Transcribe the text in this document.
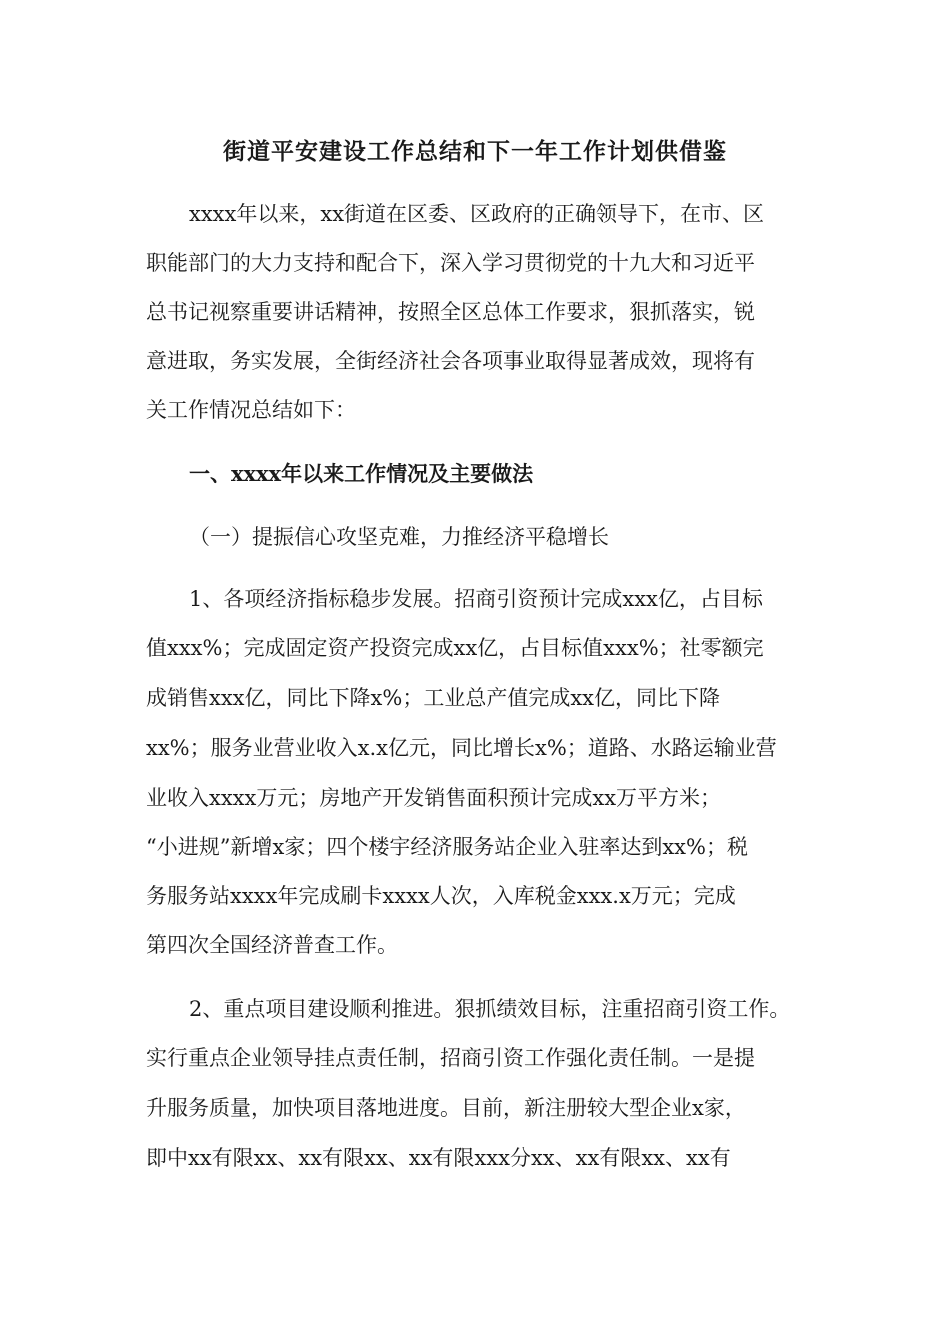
街道平安建设工作总结和下一年工作计划供借鉴

xxxx年以来，xx街道在区委、区政府的正确领导下，在市、区

职能部门的大力支持和配合下，深入学习贯彻党的十九大和习近平

总书记视察重要讲话精神，按照全区总体工作要求，狠抓落实，锐

意进取，务实发展，全街经济社会各项事业取得显著成效，现将有

关工作情况总结如下：

一、xxxx年以来工作情况及主要做法

（一）提振信心攻坚克难，力推经济平稳增长

1、各项经济指标稳步发展。招商引资预计完成xxx亿，占目标

值xxx%；完成固定资产投资完成xx亿，占目标值xxx%；社零额完

成销售xxx亿，同比下降x%；工业总产值完成xx亿，同比下降

xx%；服务业营业收入x.x亿元，同比增长x%；道路、水路运输业营

业收入xxxx万元；房地产开发销售面积预计完成xx万平方米；

“小进规”新增x家；四个楼宇经济服务站企业入驻率达到xx%；税

务服务站xxxx年完成刷卡xxxx人次，入库税金xxx.x万元；完成

第四次全国经济普查工作。

2、重点项目建设顺利推进。狠抓绩效目标，注重招商引资工作。

实行重点企业领导挂点责任制，招商引资工作强化责任制。一是提

升服务质量，加快项目落地进度。目前，新注册较大型企业x家，

即中xx有限xx、xx有限xx、xx有限xxx分xx、xx有限xx、xx有
